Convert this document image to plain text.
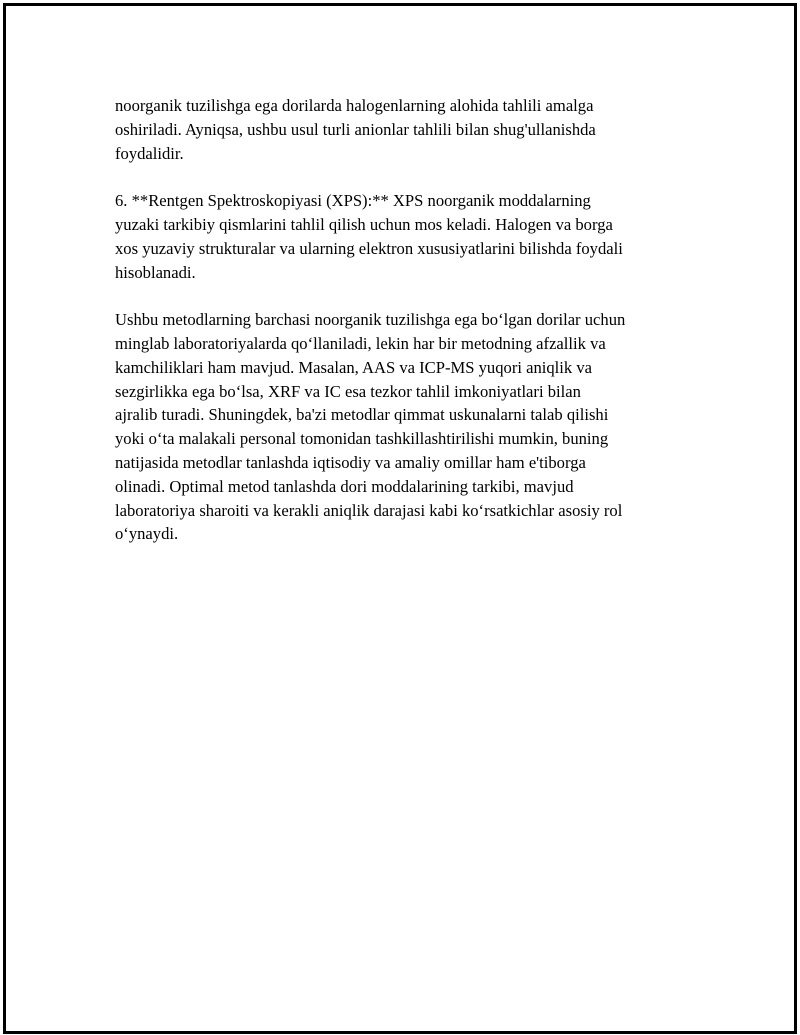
noorganik tuzilishga ega dorilarda halogenlarning alohida tahlili amalga
oshiriladi. Ayniqsa, ushbu usul turli anionlar tahlili bilan shug'ullanishda
foydalidir.

6. **Rentgen Spektroskopiyasi (XPS):** XPS noorganik moddalarning
yuzaki tarkibiy qismlarini tahlil qilish uchun mos keladi. Halogen va borga
xos yuzaviy strukturalar va ularning elektron xususiyatlarini bilishda foydali
hisoblanadi.

Ushbu metodlarning barchasi noorganik tuzilishga ega boʻlgan dorilar uchun
minglab laboratoriyalarda qoʻllaniladi, lekin har bir metodning afzallik va
kamchiliklari ham mavjud. Masalan, AAS va ICP-MS yuqori aniqlik va
sezgirlikka ega boʻlsa, XRF va IC esa tezkor tahlil imkoniyatlari bilan
ajralib turadi. Shuningdek, ba'zi metodlar qimmat uskunalarni talab qilishi
yoki oʻta malakali personal tomonidan tashkillashtirilishi mumkin, buning
natijasida metodlar tanlashda iqtisodiy va amaliy omillar ham e'tiborga
olinadi. Optimal metod tanlashda dori moddalarining tarkibi, mavjud
laboratoriya sharoiti va kerakli aniqlik darajasi kabi koʻrsatkichlar asosiy rol
oʻynaydi.
